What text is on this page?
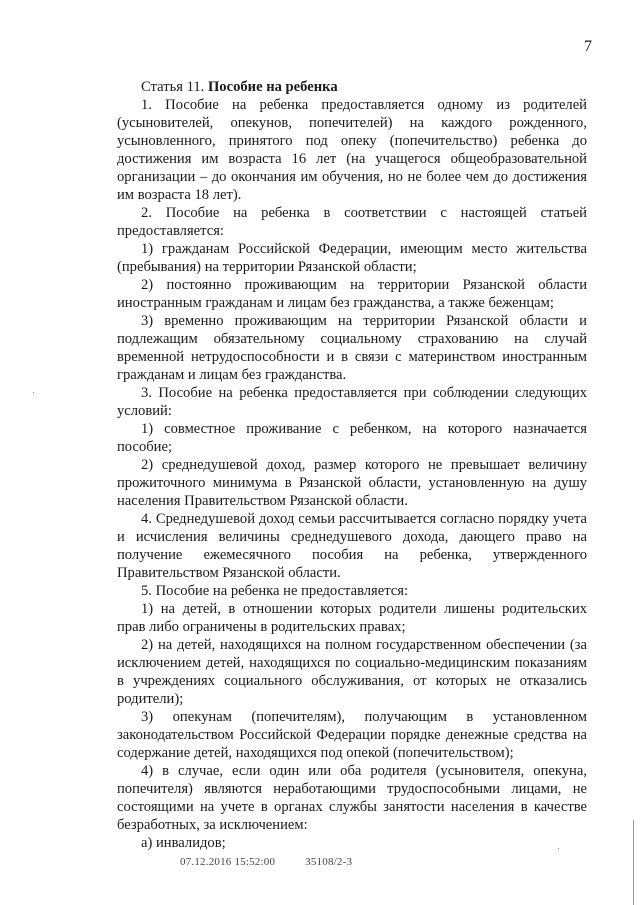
7

Статья 11. Пособие на ребенка

1. Пособие на ребенка предоставляется одному из родителей (усыновителей, опекунов, попечителей) на каждого рожденного, усыновленного, принятого под опеку (попечительство) ребенка до достижения им возраста 16 лет (на учащегося общеобразовательной организации – до окончания им обучения, но не более чем до достижения им возраста 18 лет).

2. Пособие на ребенка в соответствии с настоящей статьей предоставляется:

1) гражданам Российской Федерации, имеющим место жительства (пребывания) на территории Рязанской области;

2) постоянно проживающим на территории Рязанской области иностранным гражданам и лицам без гражданства, а также беженцам;

3) временно проживающим на территории Рязанской области и подлежащим обязательному социальному страхованию на случай временной нетрудоспособности и в связи с материнством иностранным гражданам и лицам без гражданства.

3. Пособие на ребенка предоставляется при соблюдении следующих условий:

1) совместное проживание с ребенком, на которого назначается пособие;

2) среднедушевой доход, размер которого не превышает величину прожиточного минимума в Рязанской области, установленную на душу населения Правительством Рязанской области.

4. Среднедушевой доход семьи рассчитывается согласно порядку учета и исчисления величины среднедушевого дохода, дающего право на получение ежемесячного пособия на ребенка, утвержденного Правительством Рязанской области.

5. Пособие на ребенка не предоставляется:

1) на детей, в отношении которых родители лишены родительских прав либо ограничены в родительских правах;

2) на детей, находящихся на полном государственном обеспечении (за исключением детей, находящихся по социально-медицинским показаниям в учреждениях социального обслуживания, от которых не отказались родители);

3) опекунам (попечителям), получающим в установленном законодательством Российской Федерации порядке денежные средства на содержание детей, находящихся под опекой (попечительством);

4) в случае, если один или оба родителя (усыновителя, опекуна, попечителя) являются неработающими трудоспособными лицами, не состоящими на учете в органах службы занятости населения в качестве безработных, за исключением:

а) инвалидов;

07.12.2016 15:52:00	35108/2-3
